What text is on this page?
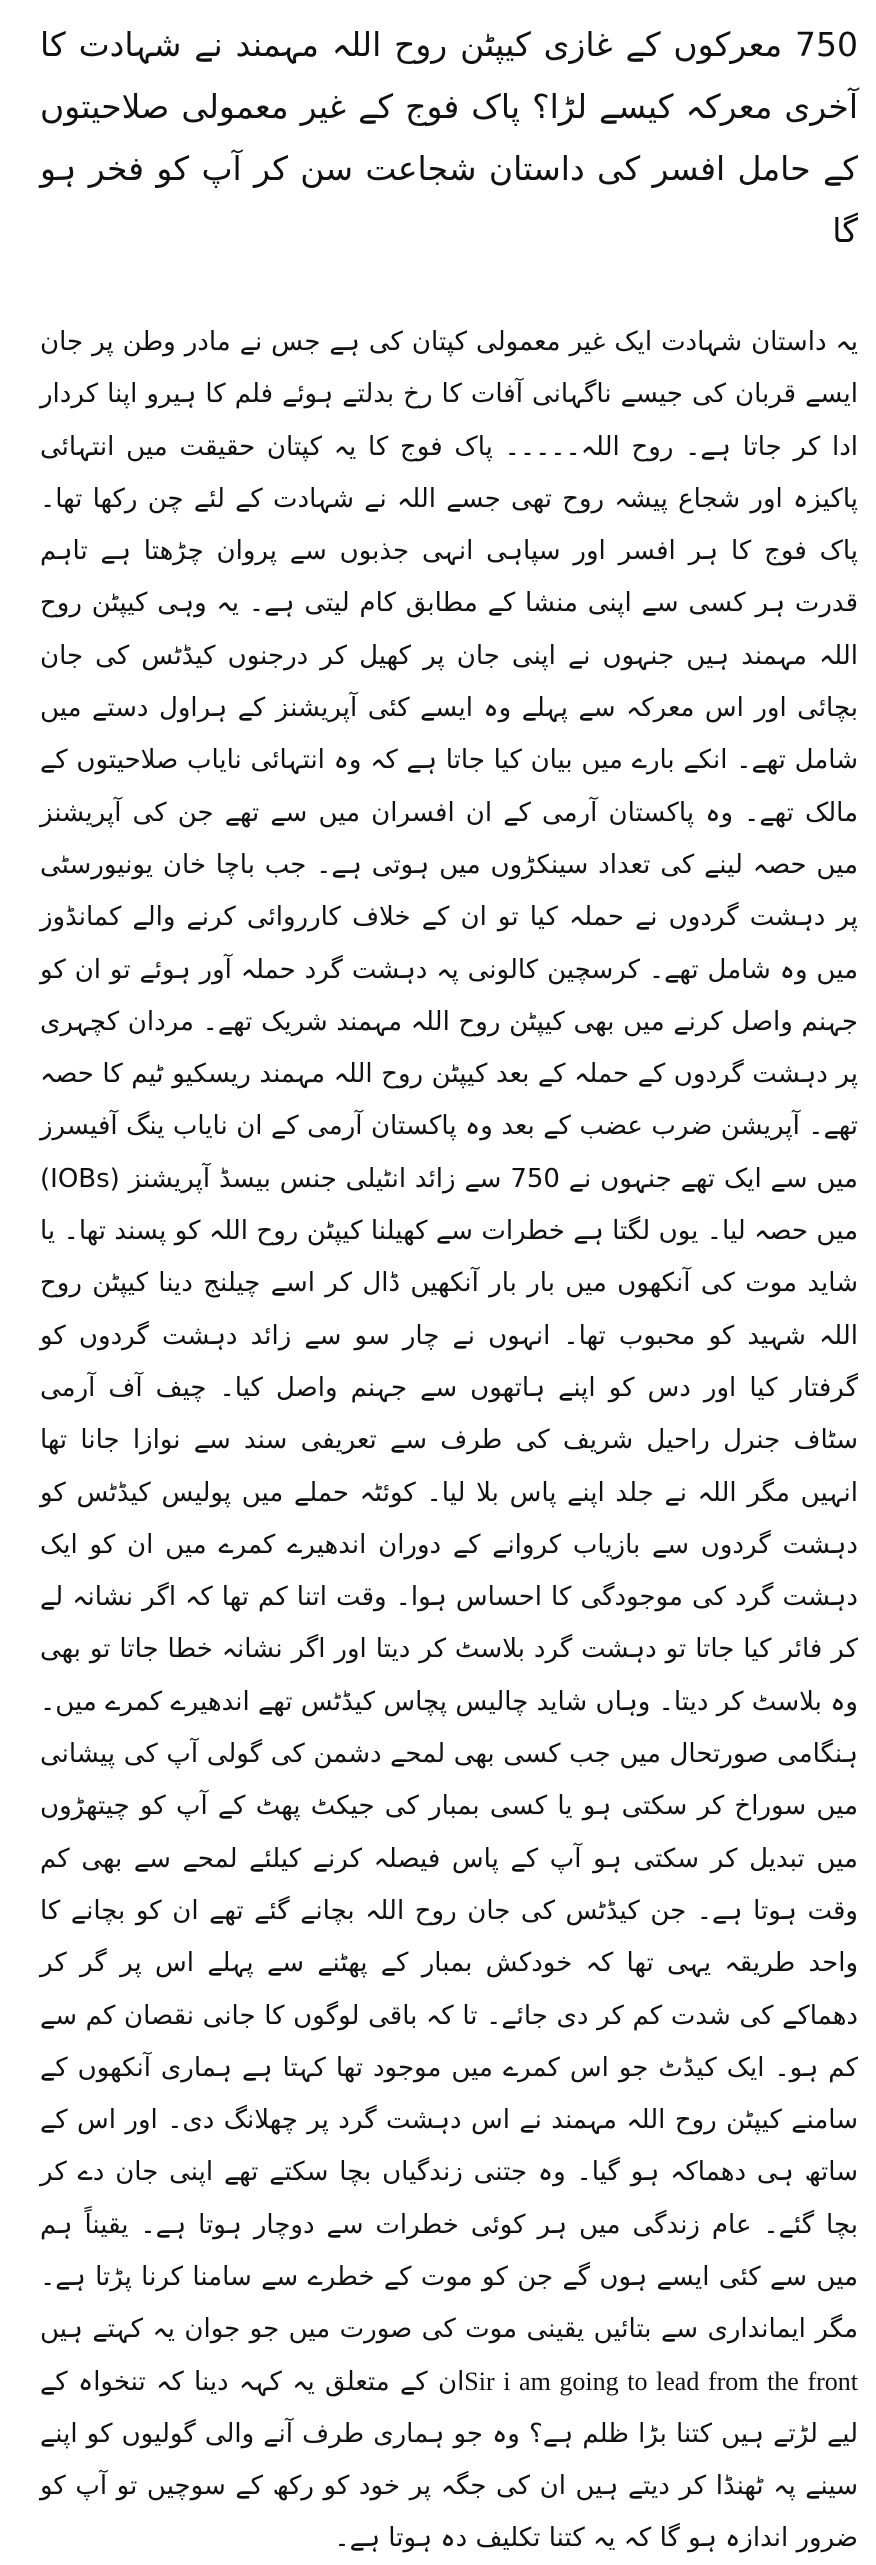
750 معرکوں کے غازی کیپٹن روح اللہ مہمند نے شہادت کا آخری معرکہ کیسے لڑا؟ پاک فوج کے غیر معمولی صلاحیتوں کے حامل افسر کی داستان شجاعت سن کر آپ کو فخر ہو گا

یہ داستان شہادت ایک غیر معمولی کپتان کی ہے جس نے مادر وطن پر جان ایسے قربان کی جیسے ناگہانی آفات کا رخ بدلتے ہوئے فلم کا ہیرو اپنا کردار ادا کر جاتا ہے۔ روح اللہ۔۔۔۔۔ پاک فوج کا یہ کپتان حقیقت میں انتہائی پاکیزہ اور شجاع پیشہ روح تھی جسے اللہ نے شہادت کے لئے چن رکھا تھا۔ پاک فوج کا ہر افسر اور سپاہی انہی جذبوں سے پروان چڑھتا ہے تاہم قدرت ہر کسی سے اپنی منشا کے مطابق کام لیتی ہے۔ یہ وہی کیپٹن روح اللہ مہمند ہیں جنہوں نے اپنی جان پر کھیل کر درجنوں کیڈٹس کی جان بچائی اور اس معرکہ سے پہلے وہ ایسے کئی آپریشنز کے ہراول دستے میں شامل تھے۔ انکے بارے میں بیان کیا جاتا ہے کہ وہ انتہائی نایاب صلاحیتوں کے مالک تھے۔ وہ پاکستان آرمی کے ان افسران میں سے تھے جن کی آپریشنز میں حصہ لینے کی تعداد سینکڑوں میں ہوتی ہے۔ جب باچا خان یونیورسٹی پر دہشت گردوں نے حملہ کیا تو ان کے خلاف کارروائی کرنے والے کمانڈوز میں وہ شامل تھے۔ کرسچین کالونی پہ دہشت گرد حملہ آور ہوئے تو ان کو جہنم واصل کرنے میں بھی کیپٹن روح اللہ مہمند شریک تھے۔ مردان کچہری پر دہشت گردوں کے حملہ کے بعد کیپٹن روح اللہ مہمند ریسکیو ٹیم کا حصہ تھے۔ آپریشن ضرب عضب کے بعد وہ پاکستان آرمی کے ان نایاب ینگ آفیسرز میں سے ایک تھے جنہوں نے 750 سے زائد انٹیلی جنس بیسڈ آپریشنز (IOBs) میں حصہ لیا۔ یوں لگتا ہے خطرات سے کھیلنا کیپٹن روح اللہ کو پسند تھا۔ یا شاید موت کی آنکھوں میں بار بار آنکھیں ڈال کر اسے چیلنج دینا کیپٹن روح اللہ شہید کو محبوب تھا۔ انہوں نے چار سو سے زائد دہشت گردوں کو گرفتار کیا اور دس کو اپنے ہاتھوں سے جہنم واصل کیا۔ چیف آف آرمی سٹاف جنرل راحیل شریف کی طرف سے تعریفی سند سے نوازا جانا تھا انہیں مگر اللہ نے جلد اپنے پاس بلا لیا۔ کوئٹہ حملے میں پولیس کیڈٹس کو دہشت گردوں سے بازیاب کروانے کے دوران اندھیرے کمرے میں ان کو ایک دہشت گرد کی موجودگی کا احساس ہوا۔ وقت اتنا کم تھا کہ اگر نشانہ لے کر فائر کیا جاتا تو دہشت گرد بلاسٹ کر دیتا اور اگر نشانہ خطا جاتا تو بھی وہ بلاسٹ کر دیتا۔ وہاں شاید چالیس پچاس کیڈٹس تھے اندھیرے کمرے میں۔ ہنگامی صورتحال میں جب کسی بھی لمحے دشمن کی گولی آپ کی پیشانی میں سوراخ کر سکتی ہو یا کسی بمبار کی جیکٹ پھٹ کے آپ کو چیتھڑوں میں تبدیل کر سکتی ہو آپ کے پاس فیصلہ کرنے کیلئے لمحے سے بھی کم وقت ہوتا ہے۔ جن کیڈٹس کی جان روح اللہ بچانے گئے تھے ان کو بچانے کا واحد طریقہ یہی تھا کہ خودکش بمبار کے پھٹنے سے پہلے اس پر گر کر دھماکے کی شدت کم کر دی جائے۔ تا کہ باقی لوگوں کا جانی نقصان کم سے کم ہو۔ ایک کیڈٹ جو اس کمرے میں موجود تھا کہتا ہے ہماری آنکھوں کے سامنے کیپٹن روح اللہ مہمند نے اس دہشت گرد پر چھلانگ دی۔ اور اس کے ساتھ ہی دھماکہ ہو گیا۔ وہ جتنی زندگیاں بچا سکتے تھے اپنی جان دے کر بچا گئے۔ عام زندگی میں ہر کوئی خطرات سے دوچار ہوتا ہے۔ یقیناً ہم میں سے کئی ایسے ہوں گے جن کو موت کے خطرے سے سامنا کرنا پڑتا ہے۔ مگر ایمانداری سے بتائیں یقینی موت کی صورت میں جو جوان یہ کہتے ہیں Sir i am going to lead from the frontان کے متعلق یہ کہہ دینا کہ تنخواہ کے لیے لڑتے ہیں کتنا بڑا ظلم ہے؟ وہ جو ہماری طرف آنے والی گولیوں کو اپنے سینے پہ ٹھنڈا کر دیتے ہیں ان کی جگہ پر خود کو رکھ کے سوچیں تو آپ کو ضرور اندازہ ہو گا کہ یہ کتنا تکلیف دہ ہوتا ہے۔
